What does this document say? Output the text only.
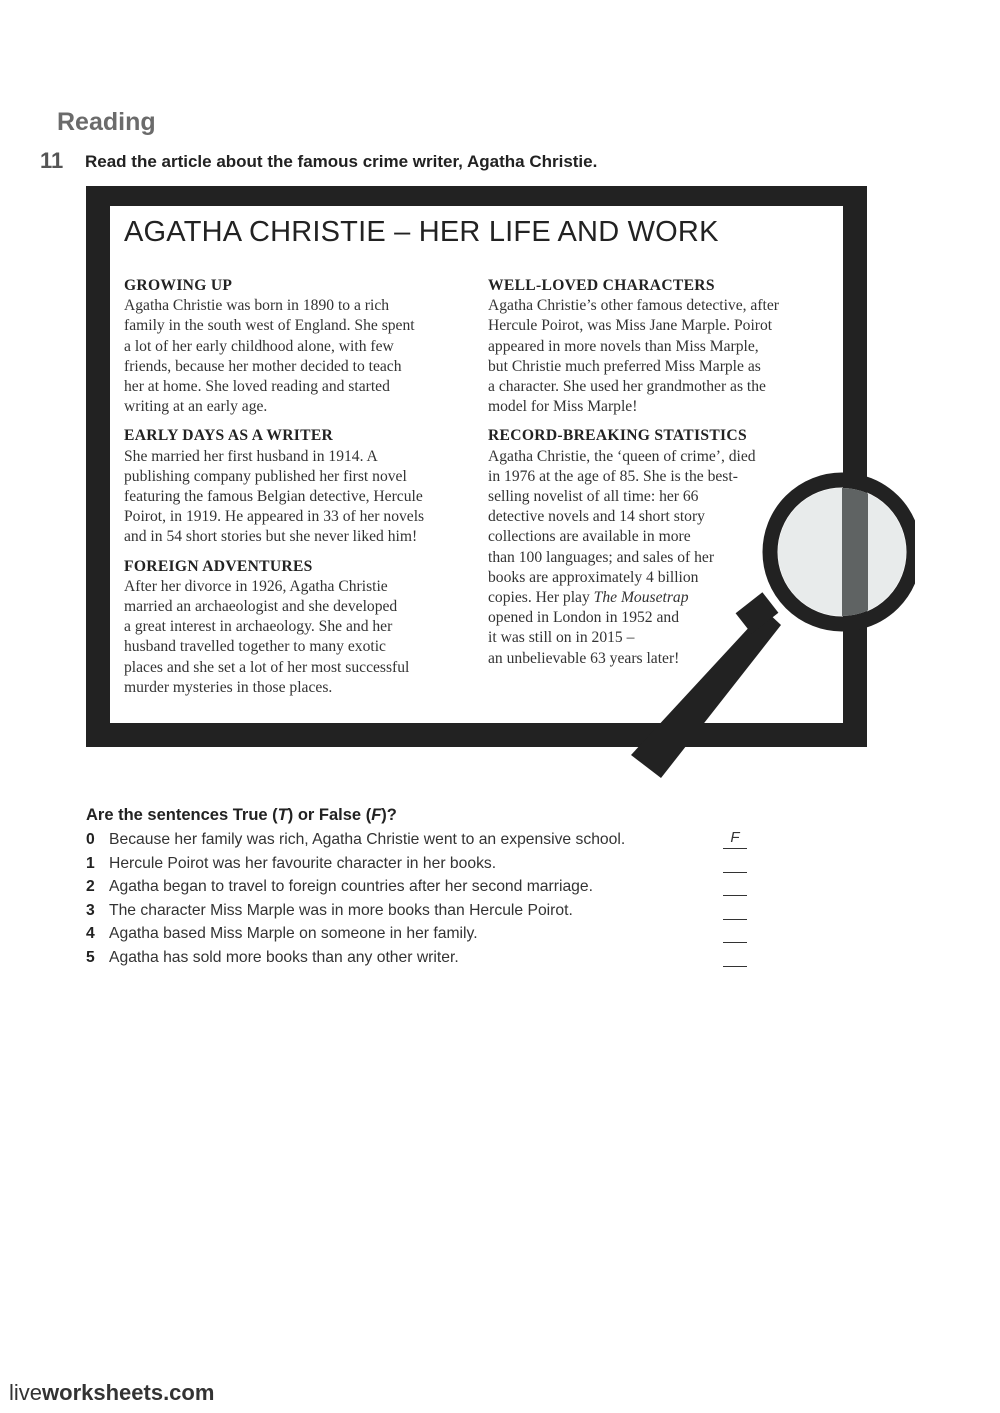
Reading
11 Read the article about the famous crime writer, Agatha Christie.
AGATHA CHRISTIE – HER LIFE AND WORK
GROWING UP
Agatha Christie was born in 1890 to a rich
family in the south west of England. She spent
a lot of her early childhood alone, with few
friends, because her mother decided to teach
her at home. She loved reading and started
writing at an early age.
EARLY DAYS AS A WRITER
She married her first husband in 1914. A
publishing company published her first novel
featuring the famous Belgian detective, Hercule
Poirot, in 1919. He appeared in 33 of her novels
and in 54 short stories but she never liked him!
FOREIGN ADVENTURES
After her divorce in 1926, Agatha Christie
married an archaeologist and she developed
a great interest in archaeology. She and her
husband travelled together to many exotic
places and she set a lot of her most successful
murder mysteries in those places.
WELL-LOVED CHARACTERS
Agatha Christie’s other famous detective, after
Hercule Poirot, was Miss Jane Marple. Poirot
appeared in more novels than Miss Marple,
but Christie much preferred Miss Marple as
a character. She used her grandmother as the
model for Miss Marple!
RECORD-BREAKING STATISTICS
Agatha Christie, the ‘queen of crime’, died
in 1976 at the age of 85. She is the best-
selling novelist of all time: her 66
detective novels and 14 short story
collections are available in more
than 100 languages; and sales of her
books are approximately 4 billion
copies. Her play The Mousetrap
opened in London in 1952 and
it was still on in 2015 –
an unbelievable 63 years later!
Are the sentences True (T) or False (F)?
0 Because her family was rich, Agatha Christie went to an expensive school.	F
1 Hercule Poirot was her favourite character in her books.
2 Agatha began to travel to foreign countries after her second marriage.
3 The character Miss Marple was in more books than Hercule Poirot.
4 Agatha based Miss Marple on someone in her family.
5 Agatha has sold more books than any other writer.
liveworksheets.com
